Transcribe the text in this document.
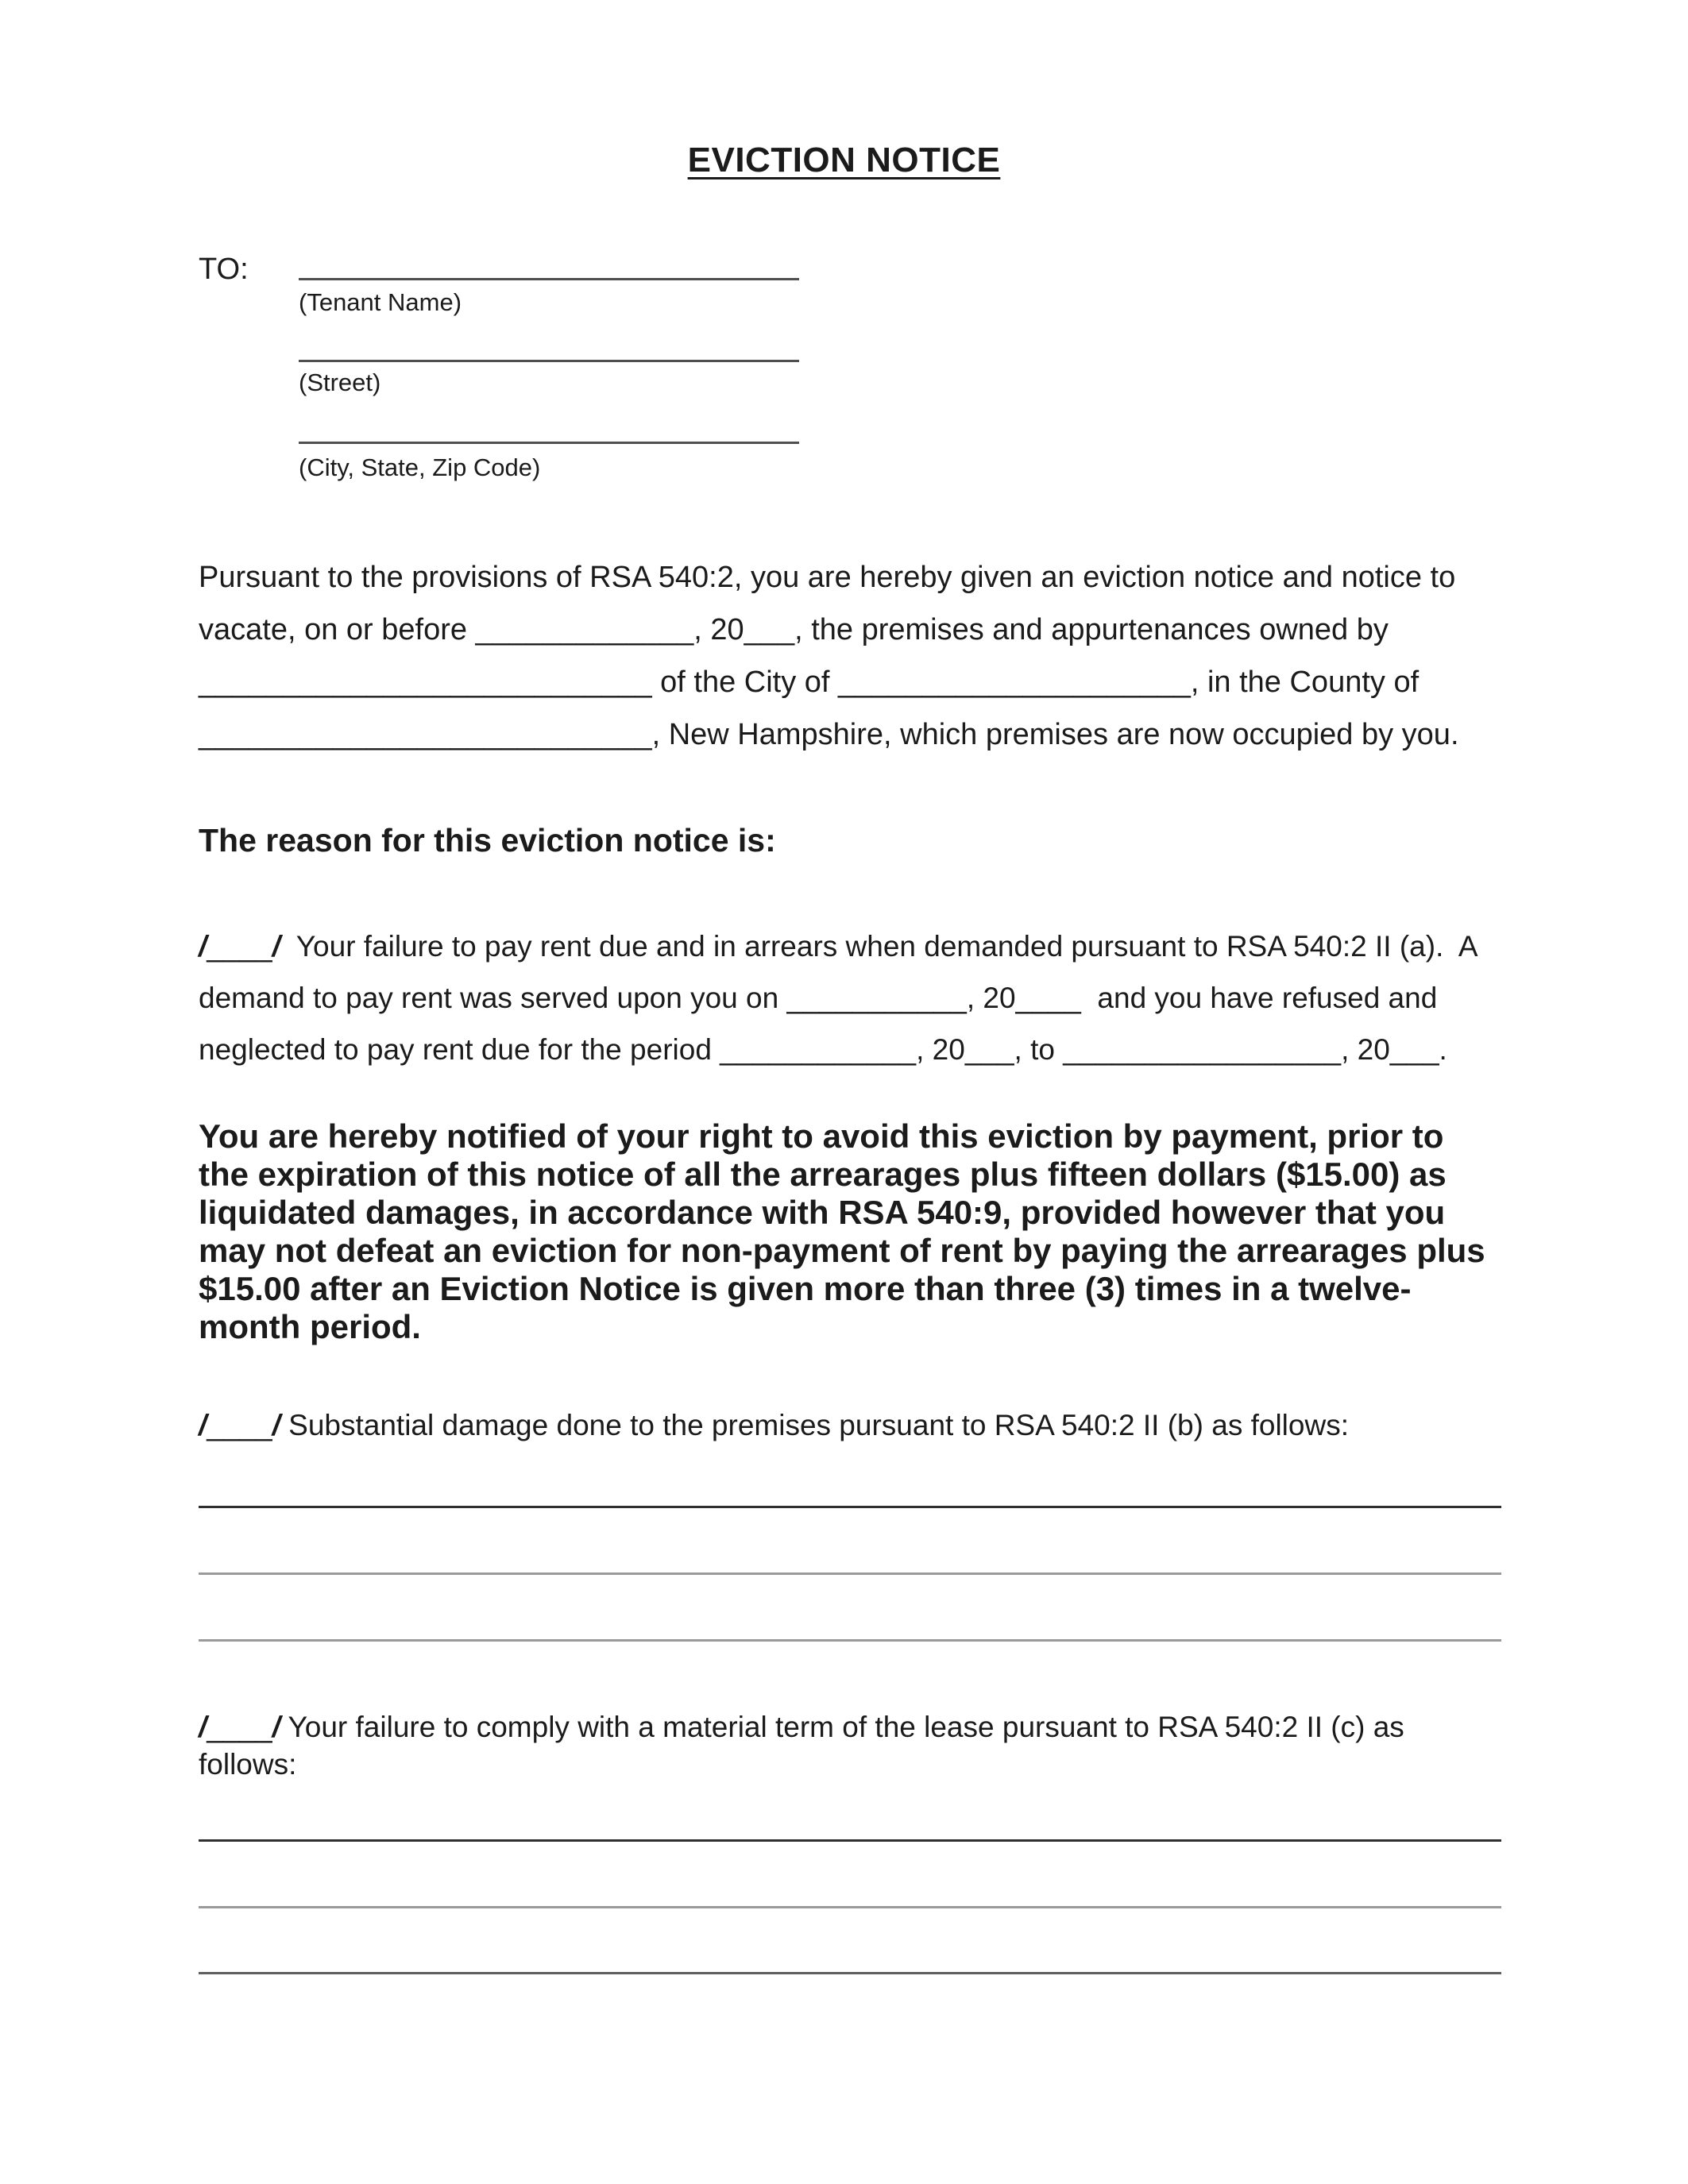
EVICTION NOTICE
TO:
(Tenant Name)
(Street)
(City, State, Zip Code)
Pursuant to the provisions of RSA 540:2, you are hereby given an eviction notice and notice to
vacate, on or before _____________, 20___, the premises and appurtenances owned by
___________________________ of the City of _____________________, in the County of
___________________________, New Hampshire, which premises are now occupied by you.
The reason for this eviction notice is:
/____/  Your failure to pay rent due and in arrears when demanded pursuant to RSA 540:2 II (a).  A
demand to pay rent was served upon you on ___________, 20____  and you have refused and
neglected to pay rent due for the period ____________, 20___, to _________________, 20___.
You are hereby notified of your right to avoid this eviction by payment, prior to
the expiration of this notice of all the arrearages plus fifteen dollars ($15.00) as
liquidated damages, in accordance with RSA 540:9, provided however that you
may not defeat an eviction for non-payment of rent by paying the arrearages plus
$15.00 after an Eviction Notice is given more than three (3) times in a twelve-
month period.
/____/ Substantial damage done to the premises pursuant to RSA 540:2 II (b) as follows:
/____/ Your failure to comply with a material term of the lease pursuant to RSA 540:2 II (c) as
follows:
